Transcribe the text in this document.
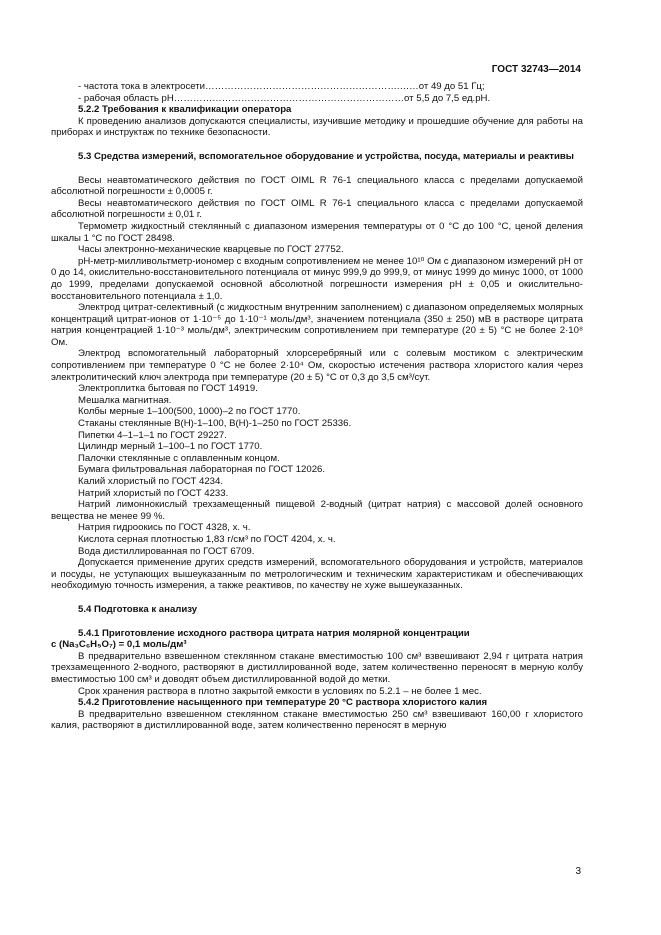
ГОСТ 32743—2014

- частота тока в электросети…………………………………………………….……от 49 до 51 Гц;

- рабочая область рН………………………………………………………………от 5,5 до 7,5 ед.рН.

5.2.2 Требования к квалификации оператора

К проведению анализов допускаются специалисты, изучившие методику и прошедшие обучение для работы на приборах и инструктаж по технике безопасности.

5.3 Средства измерений, вспомогательное оборудование и устройства, посуда, материалы и реактивы

Весы неавтоматического действия по ГОСТ OIML R 76-1 специального класса с пределами допускаемой абсолютной погрешности ± 0,0005 г.

Весы неавтоматического действия по ГОСТ OIML R 76-1 специального класса с пределами допускаемой абсолютной погрешности ± 0,01 г.

Термометр жидкостный стеклянный с диапазоном измерения температуры от 0 °С до 100 °С, ценой деления шкалы 1 °С по ГОСТ 28498.

Часы электронно-механические кварцевые по ГОСТ 27752.

pH-метр-милливольтметр-иономер с входным сопротивлением не менее 10¹⁰ Ом с диапазоном измерений рН от 0 до 14, окислительно-восстановительного потенциала от минус 999,9 до 999,9, от минус 1999 до минус 1000, от 1000 до 1999, пределами допускаемой основной абсолютной погрешности измерения pH ± 0,05 и окислительно-восстановительного потенциала ± 1,0.

Электрод цитрат-селективный (с жидкостным внутренним заполнением) с диапазоном определяемых молярных концентраций цитрат-ионов от 1·10⁻⁵ до 1·10⁻¹ моль/дм³, значением потенциала (350 ± 250) мВ в растворе цитрата натрия концентрацией 1·10⁻³ моль/дм³, электрическим сопротивлением при температуре (20 ± 5) °С не более 2·10⁸ Ом.

Электрод вспомогательный лабораторный хлорсеребряный или с солевым мостиком с электрическим сопротивлением при температуре 0 °С не более 2·10⁴ Ом, скоростью истечения раствора хлористого калия через электролитический ключ электрода при температуре (20 ± 5) °С от 0,3 до 3,5 см³/сут.

Электроплитка бытовая по ГОСТ 14919.

Мешалка магнитная.

Колбы мерные 1–100(500, 1000)–2 по ГОСТ 1770.

Стаканы стеклянные В(Н)-1–100, В(Н)-1–250 по ГОСТ 25336.

Пипетки 4–1–1–1 по ГОСТ 29227.

Цилиндр мерный 1–100–1 по ГОСТ 1770.

Палочки стеклянные с оплавленным концом.

Бумага фильтровальная лабораторная по ГОСТ 12026.

Калий хлористый по ГОСТ 4234.

Натрий хлористый по ГОСТ 4233.

Натрий лимоннокислый трехзамещенный пищевой 2-водный (цитрат натрия) с массовой долей основного вещества не менее 99 %.

Натрия гидроокись по ГОСТ 4328, х. ч.

Кислота серная плотностью 1,83 г/см³ по ГОСТ 4204, х. ч.

Вода дистиллированная по ГОСТ 6709.

Допускается применение других средств измерений, вспомогательного оборудования и устройств, материалов и посуды, не уступающих вышеуказанным по метрологическим и техническим характеристикам и обеспечивающих необходимую точность измерения, а также реактивов, по качеству не хуже вышеуказанных.

5.4 Подготовка к анализу

5.4.1 Приготовление исходного раствора цитрата натрия молярной концентрации

c (Na₃C₆H₅O₇) = 0,1 моль/дм³

В предварительно взвешенном стеклянном стакане вместимостью 100 см³ взвешивают 2,94 г цитрата натрия трехзамещенного 2-водного, растворяют в дистиллированной воде, затем количественно переносят в мерную колбу вместимостью 100 см³ и доводят объем дистиллированной водой до метки.

Срок хранения раствора в плотно закрытой емкости в условиях по 5.2.1 – не более 1 мес.

5.4.2 Приготовление насыщенного при температуре 20 °С раствора хлористого калия

В предварительно взвешенном стеклянном стакане вместимостью 250 см³ взвешивают 160,00 г хлористого калия, растворяют в дистиллированной воде, затем количественно переносят в мерную

3
